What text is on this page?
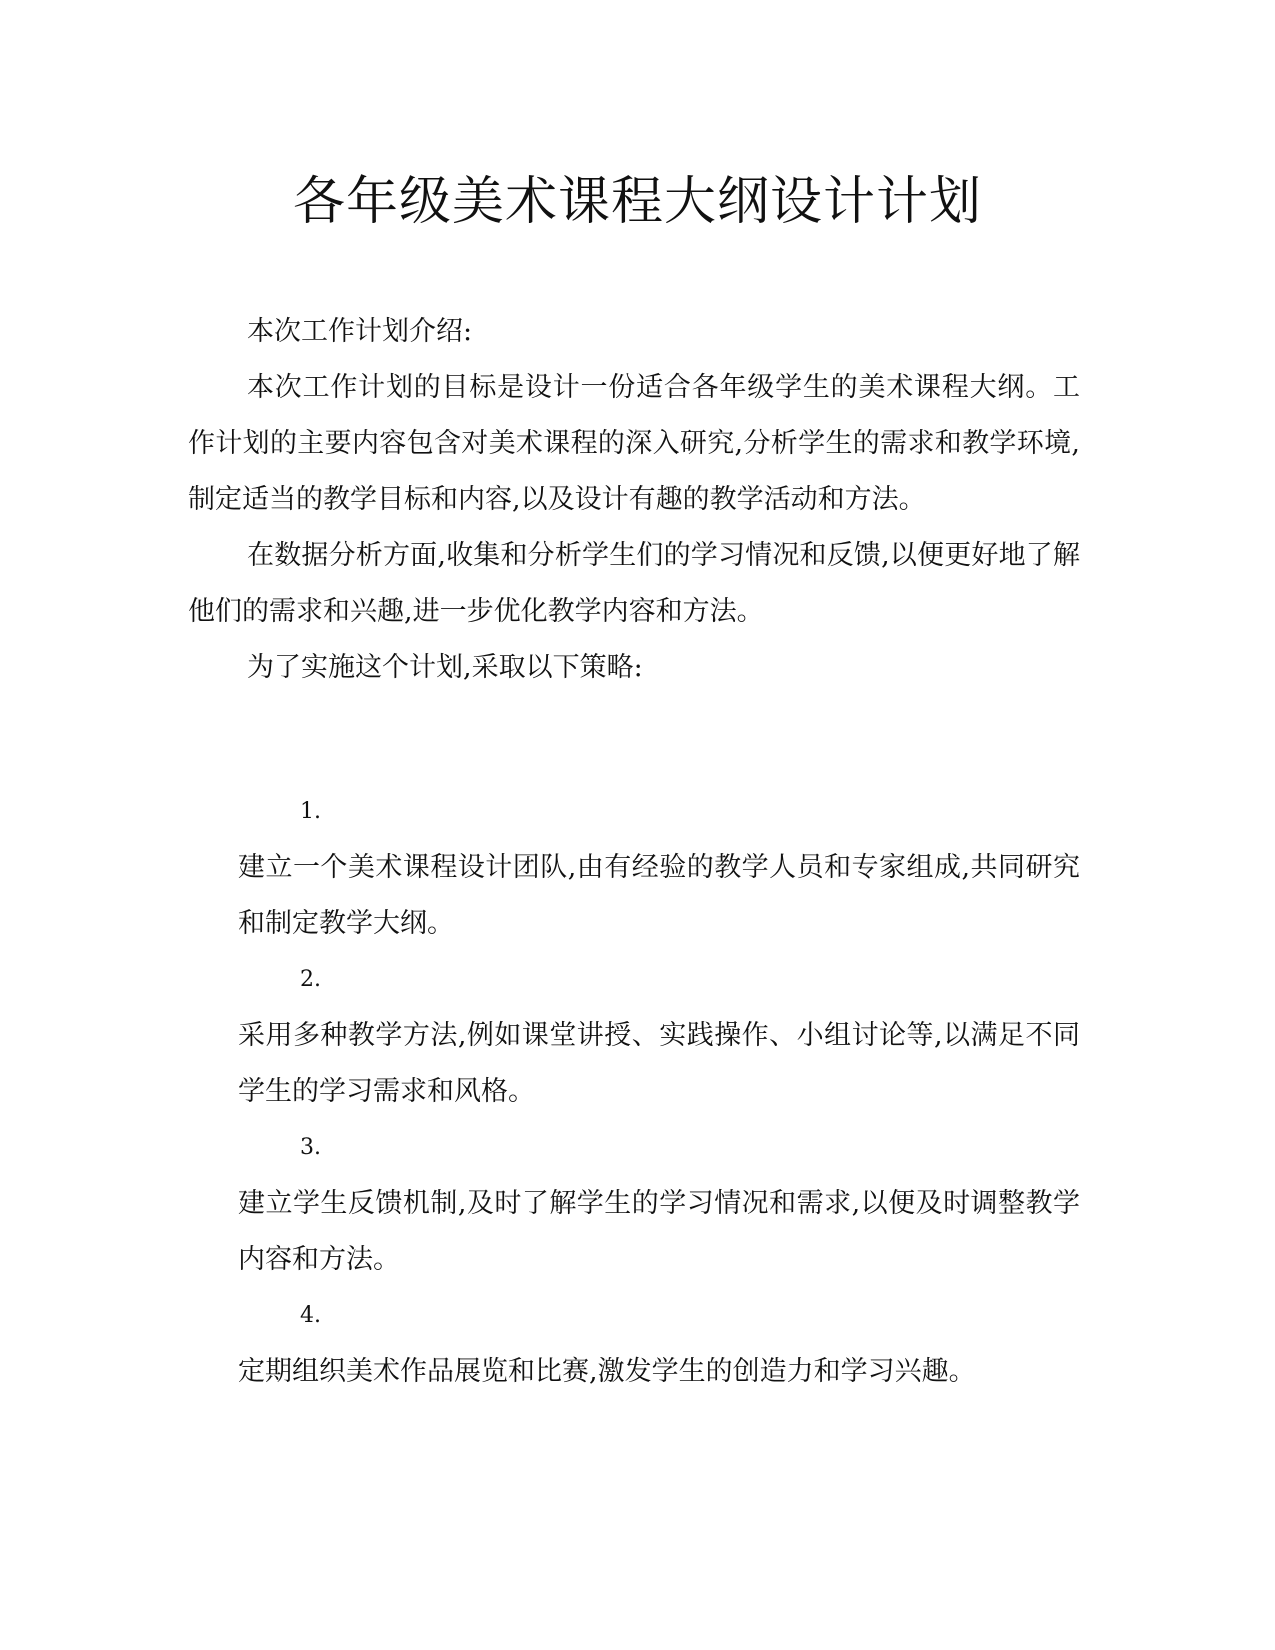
各年级美术课程大纲设计计划

本次工作计划介绍:

本次工作计划的目标是设计一份适合各年级学生的美术课程大纲。工作计划的主要内容包含对美术课程的深入研究,分析学生的需求和教学环境,制定适当的教学目标和内容,以及设计有趣的教学活动和方法。

在数据分析方面,收集和分析学生们的学习情况和反馈,以便更好地了解他们的需求和兴趣,进一步优化教学内容和方法。

为了实施这个计划,采取以下策略:

1.

建立一个美术课程设计团队,由有经验的教学人员和专家组成,共同研究和制定教学大纲。

2.

采用多种教学方法,例如课堂讲授、实践操作、小组讨论等,以满足不同学生的学习需求和风格。

3.

建立学生反馈机制,及时了解学生的学习情况和需求,以便及时调整教学内容和方法。

4.

定期组织美术作品展览和比赛,激发学生的创造力和学习兴趣。
